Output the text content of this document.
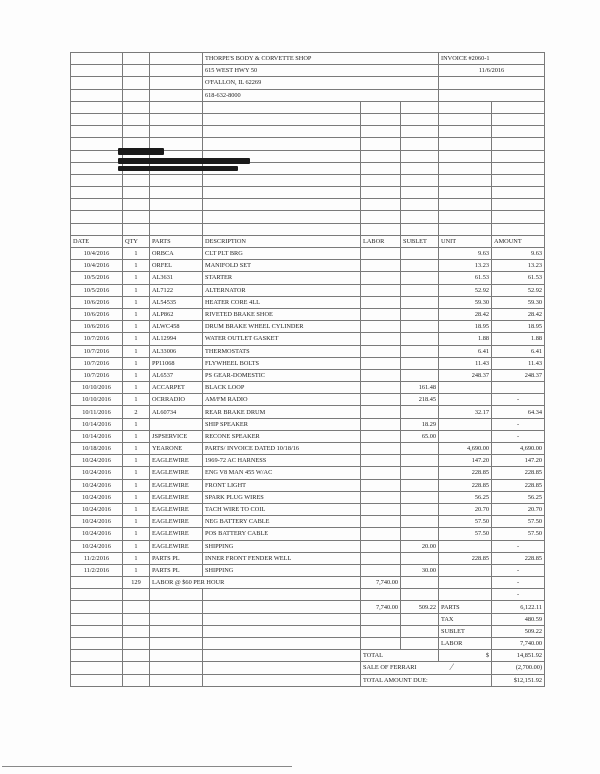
			THORPE'S BODY & CORVETTE SHOP			INVOICE #2060-1	
			615 WEST HWY 50			11/6/2016	
			O'FALLON, IL 62269				
			618-632-8000				

DATE	QTY	PARTS	DESCRIPTION	LABOR	SUBLET	UNIT	AMOUNT
10/4/2016	1	ORBCA	CLT PLT BRG			9.63	9.63
10/4/2016	1	ORFEL	MANIFOLD SET			13.23	13.23
10/5/2016	1	AL3631	STARTER			61.53	61.53
10/5/2016	1	AL7122	ALTERNATOR			52.92	52.92
10/6/2016	1	AL54535	HEATER CORE 4LL			59.30	59.30
10/6/2016	1	ALP862	RIVETED BRAKE SHOE			28.42	28.42
10/6/2016	1	ALWC458	DRUM BRAKE WHEEL CYLINDER			18.95	18.95
10/7/2016	1	AL12994	WATER OUTLET GASKET			1.88	1.88
10/7/2016	1	AL33006	THERMOSTATS			6.41	6.41
10/7/2016	1	PP11068	FLYWHEEL BOLTS			11.43	11.43
10/7/2016	1	AL6537	PS GEAR-DOMESTIC			248.37	248.37
10/10/2016	1	ACCARPET	BLACK LOOP		161.48		
10/10/2016	1	OCRRADIO	AM/FM RADIO		218.45		-
10/11/2016	2	AL60734	REAR BRAKE DRUM			32.17	64.34
10/14/2016	1		SHIP SPEAKER		18.29		-
10/14/2016	1	JSPSERVICE	RECONE SPEAKER		65.00		-
10/18/2016	1	YEARONE	PARTS/ INVOICE DATED 10/18/16			4,690.00	4,690.00
10/24/2016	1	EAGLEWIRE	1969-72 AC HARNESS			147.20	147.20
10/24/2016	1	EAGLEWIRE	ENG V8 MAN 455 W/AC			228.85	228.85
10/24/2016	1	EAGLEWIRE	FRONT LIGHT			228.85	228.85
10/24/2016	1	EAGLEWIRE	SPARK PLUG WIRES			56.25	56.25
10/24/2016	1	EAGLEWIRE	TACH WIRE TO COIL			20.70	20.70
10/24/2016	1	EAGLEWIRE	NEG BATTERY CABLE			57.50	57.50
10/24/2016	1	EAGLEWIRE	POS BATTERY CABLE			57.50	57.50
10/24/2016	1	EAGLEWIRE	SHIPPING		20.00		-
11/2/2016	1	PARTS PL	INNER FRONT FENDER WELL			228.85	228.85
11/2/2016	1	PARTS PL	SHIPPING		30.00		-
	129	LABOR @ $60 PER HOUR		7,740.00			-
							-
				7,740.00	509.22	PARTS	6,122.11
						TAX	480.59
						SUBLET	509.22
						LABOR	7,740.00
				TOTAL		$	14,851.92
				SALE OF FERRARI			(2,700.00)
				TOTAL AMOUNT DUE:			$12,151.92
⁄
